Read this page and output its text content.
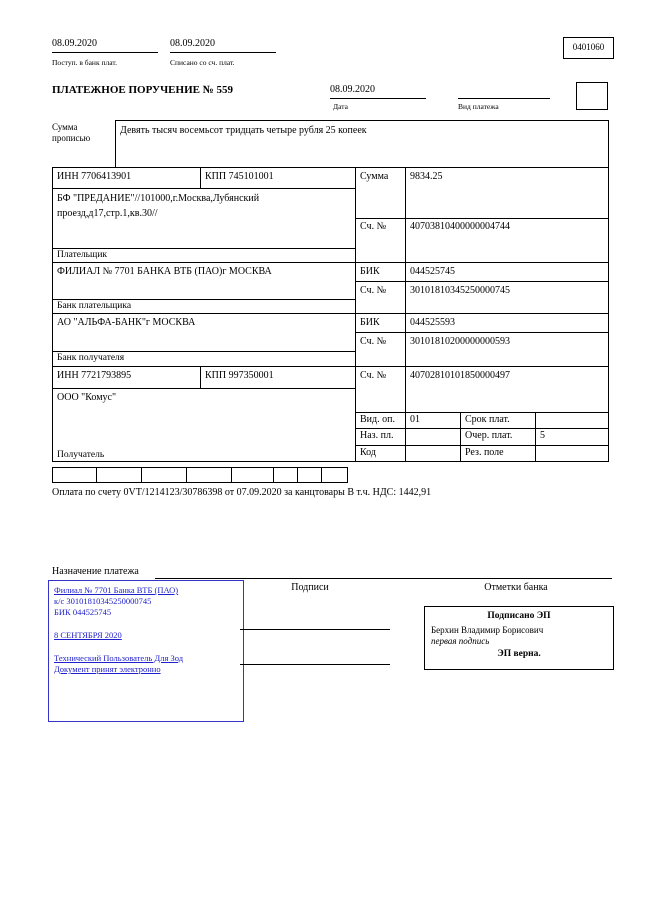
08.09.2020
Поступ. в банк плат.
08.09.2020
Списано со сч. плат.
0401060
ПЛАТЕЖНОЕ ПОРУЧЕНИЕ № 559	08.09.2020
Дата	Вид платежа
Сумма прописью
Девять тысяч восемьсот тридцать четыре рубля 25 копеек
ИНН 7706413901	КПП 745101001	Сумма 9834.25
БФ "ПРЕДАНИЕ"//101000,г.Москва,Лубянский проезд,д17,стр.1,кв.30//
Сч. № 40703810400000004744
Плательщик
ФИЛИАЛ № 7701 БАНКА ВТБ (ПАО)г МОСКВА	БИК	044525745
Сч. № 30101810345250000745
Банк плательщика
АО "АЛЬФА-БАНК"г МОСКВА	БИК	044525593
Сч. № 30101810200000000593
Банк получателя
ИНН 7721793895	КПП 997350001	Сч. № 40702810101850000497
ООО "Комус"
Вид. оп. 01	Срок плат.
Наз. пл.	Очер. плат.	5
Код	Рез. поле
Получатель
Оплата по счету 0VT/1214123/30786398 от 07.09.2020 за канцтовары В т.ч. НДС: 1442,91
Назначение платежа
Филиал № 7701 Банка ВТБ (ПАО)
к/с 30101810345250000745
БИК 044525745
8 СЕНТЯБРЯ 2020
Технический Пользователь Для Зод
Документ принят электронно
Подписи	Отметки банка
Подписано ЭП
Берхин Владимир Борисович
первая подпись
ЭП верна.
